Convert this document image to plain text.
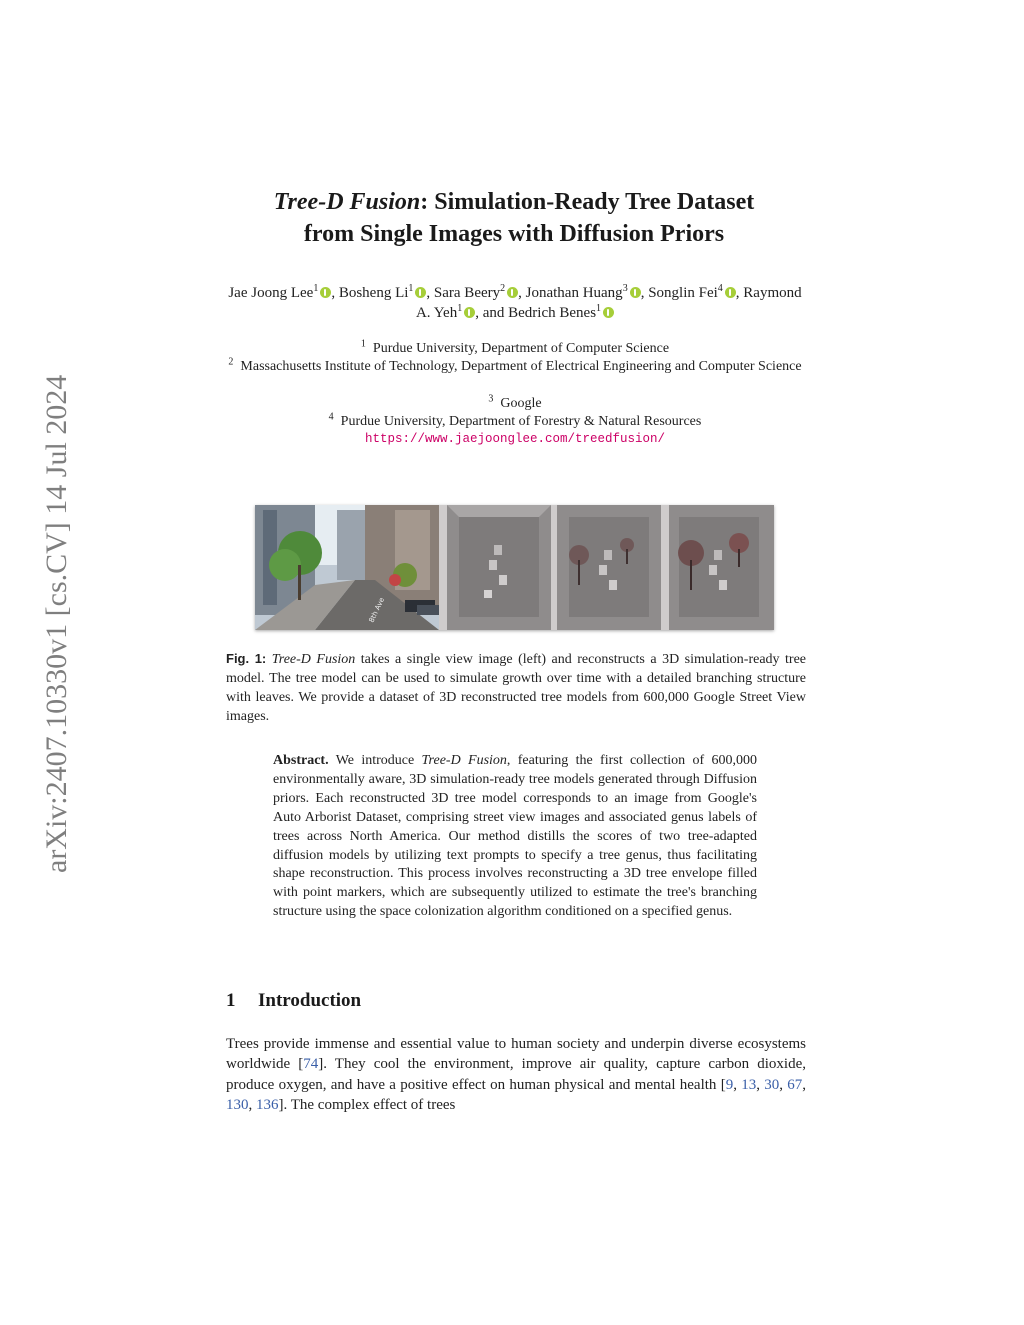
arXiv:2407.10330v1 [cs.CV] 14 Jul 2024
Tree-D Fusion: Simulation-Ready Tree Dataset
from Single Images with Diffusion Priors
Jae Joong Lee$^1$ , Bosheng Li$^1$ , Sara Beery$^2$ , Jonathan Huang$^3$ , Songlin Fei$^4$ , Raymond A. Yeh$^1$ , and Bedrich Benes$^1$
$^1$ Purdue University, Department of Computer Science
$^2$ Massachusetts Institute of Technology, Department of Electrical Engineering and Computer Science
$^3$ Google
$^4$ Purdue University, Department of Forestry & Natural Resources
https://www.jaejoonglee.com/treedfusion/
8th Ave
Fig. 1: Tree-D Fusion takes a single view image (left) and reconstructs a 3D simulation-ready tree model. The tree model can be used to simulate growth over time with a detailed branching structure with leaves. We provide a dataset of 3D reconstructed tree models from 600,000 Google Street View images.
Abstract. We introduce Tree-D Fusion, featuring the first collection of 600,000 environmentally aware, 3D simulation-ready tree models generated through Diffusion priors. Each reconstructed 3D tree model corresponds to an image from Google's Auto Arborist Dataset, comprising street view images and associated genus labels of trees across North America. Our method distills the scores of two tree-adapted diffusion models by utilizing text prompts to specify a tree genus, thus facilitating shape reconstruction. This process involves reconstructing a 3D tree envelope filled with point markers, which are subsequently utilized to estimate the tree's branching structure using the space colonization algorithm conditioned on a specified genus.
1 Introduction
Trees provide immense and essential value to human society and underpin diverse ecosystems worldwide [74]. They cool the environment, improve air quality, capture carbon dioxide, produce oxygen, and have a positive effect on human physical and mental health [9, 13, 30, 67, 130, 136]. The complex effect of trees
